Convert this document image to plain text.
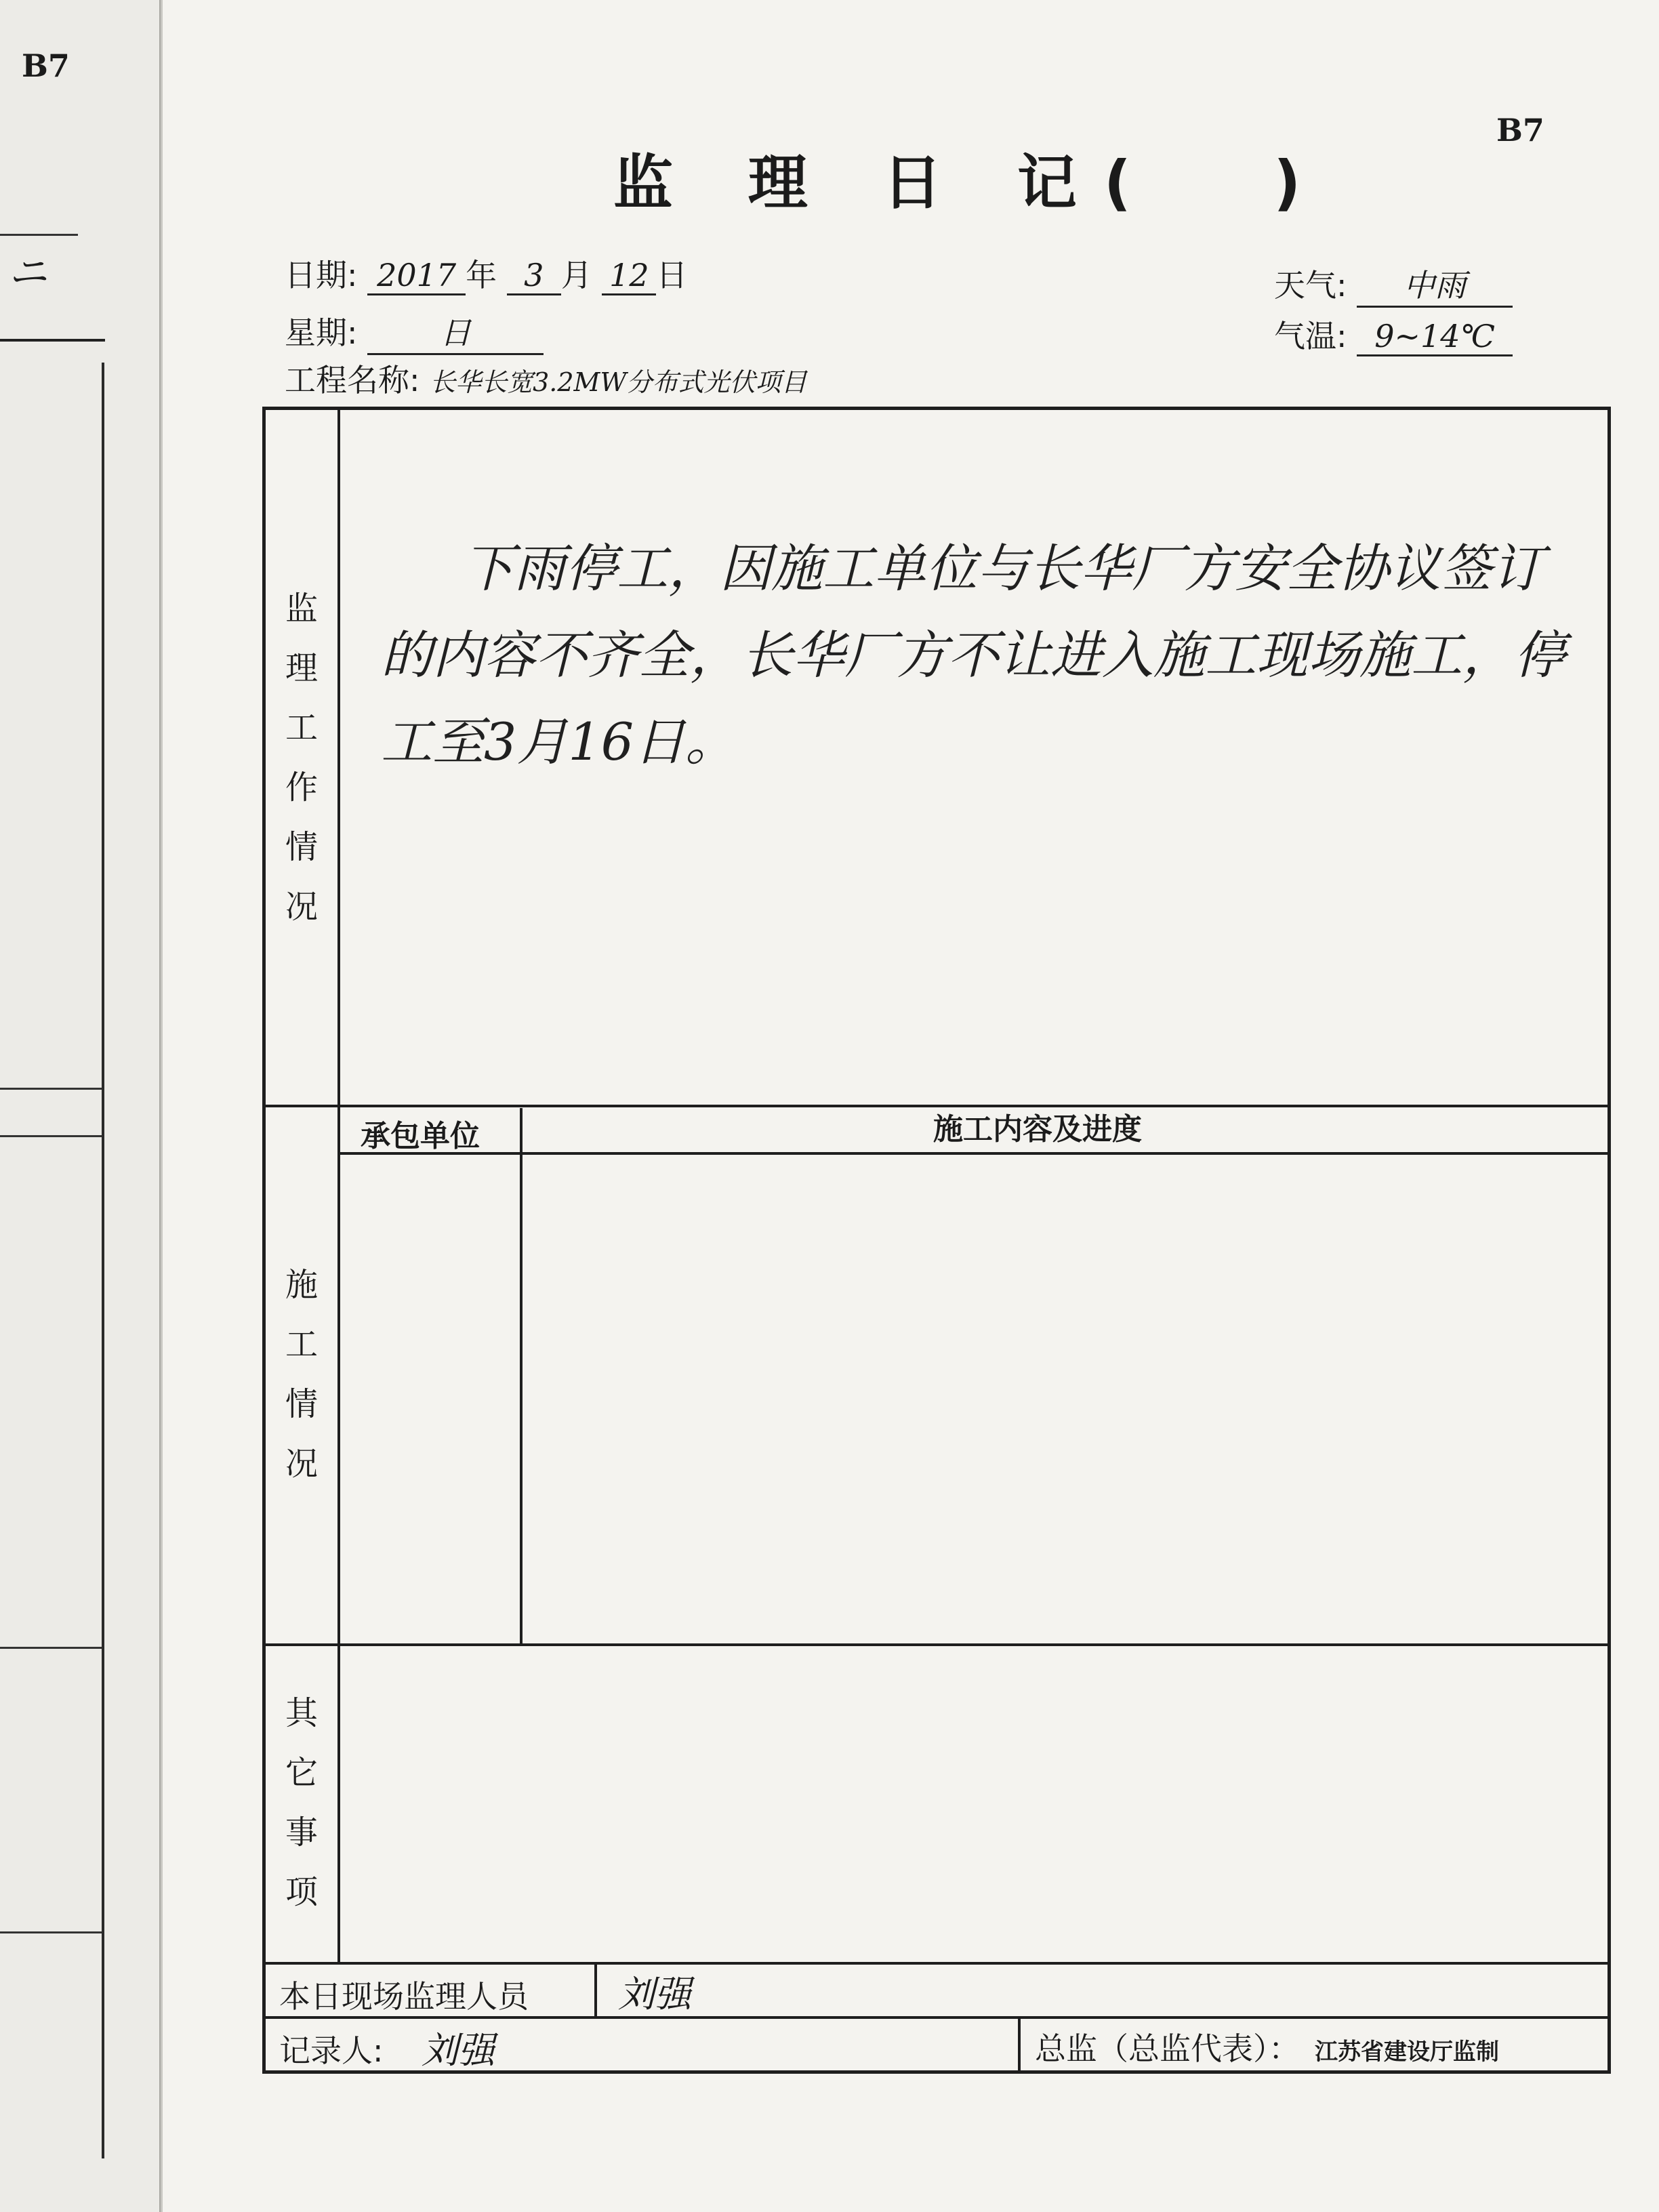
B7
ニ
B7
监 理 日 记( )
日期: 2017 年 3 月 12 日
星期:	日
工程名称: 长华长宽3.2MW分布式光伏项目
天气: 中雨
气温: 9~14℃
监
理
工
作
情
况
下雨停工，因施工单位与长华厂方安全协议签订的内容不齐全，长华厂方不让进入施工现场施工，停工至3月16日。
施
工
情
况
承包单位	施工内容及进度
其
它
事
项
本日现场监理人员 刘强
记录人: 刘强	总监（总监代表）： 江苏省建设厅监制
